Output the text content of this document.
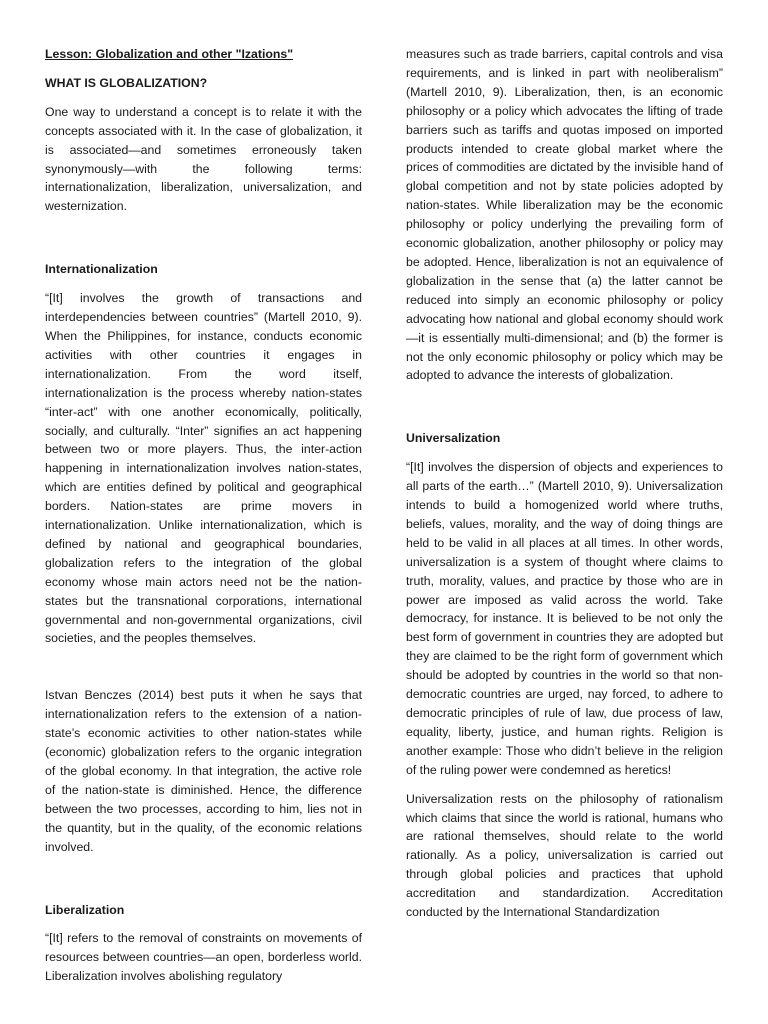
Lesson: Globalization and other "Izations"

WHAT IS GLOBALIZATION?

One way to understand a concept is to relate it with the concepts associated with it. In the case of globalization, it is associated—and sometimes erroneously taken synonymously—with the following terms: internationalization, liberalization, universalization, and westernization.

Internationalization

“[It] involves the growth of transactions and interdependencies between countries” (Martell 2010, 9). When the Philippines, for instance, conducts economic activities with other countries it engages in internationalization. From the word itself, internationalization is the process whereby nation-states “inter-act” with one another economically, politically, socially, and culturally. “Inter” signifies an act happening between two or more players. Thus, the inter-action happening in internationalization involves nation-states, which are entities defined by political and geographical borders. Nation-states are prime movers in internationalization. Unlike internationalization, which is defined by national and geographical boundaries, globalization refers to the integration of the global economy whose main actors need not be the nation-states but the transnational corporations, international governmental and non-governmental organizations, civil societies, and the peoples themselves.

Istvan Benczes (2014) best puts it when he says that internationalization refers to the extension of a nation-state’s economic activities to other nation-states while (economic) globalization refers to the organic integration of the global economy. In that integration, the active role of the nation-state is diminished. Hence, the difference between the two processes, according to him, lies not in the quantity, but in the quality, of the economic relations involved.

Liberalization

“[It] refers to the removal of constraints on movements of resources between countries—an open, borderless world. Liberalization involves abolishing regulatory

measures such as trade barriers, capital controls and visa requirements, and is linked in part with neoliberalism” (Martell 2010, 9). Liberalization, then, is an economic philosophy or a policy which advocates the lifting of trade barriers such as tariffs and quotas imposed on imported products intended to create global market where the prices of commodities are dictated by the invisible hand of global competition and not by state policies adopted by nation-states. While liberalization may be the economic philosophy or policy underlying the prevailing form of economic globalization, another philosophy or policy may be adopted. Hence, liberalization is not an equivalence of globalization in the sense that (a) the latter cannot be reduced into simply an economic philosophy or policy advocating how national and global economy should work—it is essentially multi-dimensional; and (b) the former is not the only economic philosophy or policy which may be adopted to advance the interests of globalization.

Universalization

“[It] involves the dispersion of objects and experiences to all parts of the earth…” (Martell 2010, 9). Universalization intends to build a homogenized world where truths, beliefs, values, morality, and the way of doing things are held to be valid in all places at all times. In other words, universalization is a system of thought where claims to truth, morality, values, and practice by those who are in power are imposed as valid across the world. Take democracy, for instance. It is believed to be not only the best form of government in countries they are adopted but they are claimed to be the right form of government which should be adopted by countries in the world so that non-democratic countries are urged, nay forced, to adhere to democratic principles of rule of law, due process of law, equality, liberty, justice, and human rights. Religion is another example: Those who didn’t believe in the religion of the ruling power were condemned as heretics!

Universalization rests on the philosophy of rationalism which claims that since the world is rational, humans who are rational themselves, should relate to the world rationally. As a policy, universalization is carried out through global policies and practices that uphold accreditation and standardization. Accreditation conducted by the International Standardization
